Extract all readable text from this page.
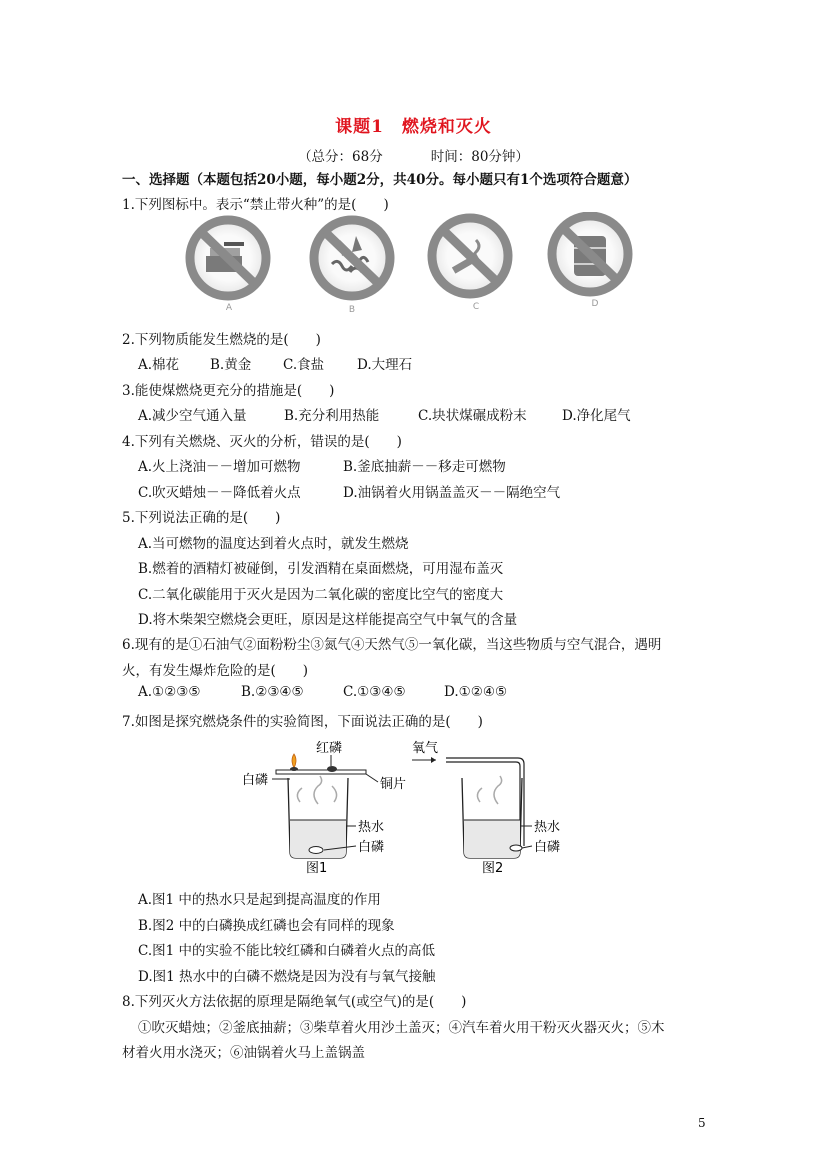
课题1　燃烧和灭火
（总分：68分	时间：80分钟）
一、选择题（本题包括20小题，每小题2分，共40分。每小题只有1个选项符合题意）
1.下列图标中。表示“禁止带火种”的是(　　)
A	B	C	D
2.下列物质能发生燃烧的是(　　)
A.棉花 B.黄金 C.食盐 D.大理石
3.能使煤燃烧更充分的措施是(　　)
A.减少空气通入量	B.充分利用热能	C.块状煤碾成粉末	D.净化尾气
4.下列有关燃烧、灭火的分析，错误的是(　　)
A.火上浇油－－增加可燃物	B.釜底抽薪－－移走可燃物
C.吹灭蜡烛－－降低着火点	D.油锅着火用锅盖盖灭－－隔绝空气
5.下列说法正确的是(　　)
A.当可燃物的温度达到着火点时，就发生燃烧
B.燃着的酒精灯被碰倒，引发酒精在桌面燃烧，可用湿布盖灭
C.二氧化碳能用于灭火是因为二氧化碳的密度比空气的密度大
D.将木柴架空燃烧会更旺，原因是这样能提高空气中氧气的含量
6.现有的是①石油气②面粉粉尘③氮气④天然气⑤一氧化碳，当这些物质与空气混合，遇明
火，有发生爆炸危险的是(　　)
A.①②③⑤	B.②③④⑤	C.①③④⑤	D.①②④⑤
7.如图是探究燃烧条件的实验简图，下面说法正确的是(　　)
红磷
白磷	铜片
热水
白磷
图1
氧气
热水
白磷
图2
A.图1 中的热水只是起到提高温度的作用
B.图2 中的白磷换成红磷也会有同样的现象
C.图1 中的实验不能比较红磷和白磷着火点的高低
D.图1 热水中的白磷不燃烧是因为没有与氧气接触
8.下列灭火方法依据的原理是隔绝氧气(或空气)的是(　　)
①吹灭蜡烛；②釜底抽薪；③柴草着火用沙土盖灭；④汽车着火用干粉灭火器灭火；⑤木
材着火用水浇灭；⑥油锅着火马上盖锅盖
5
